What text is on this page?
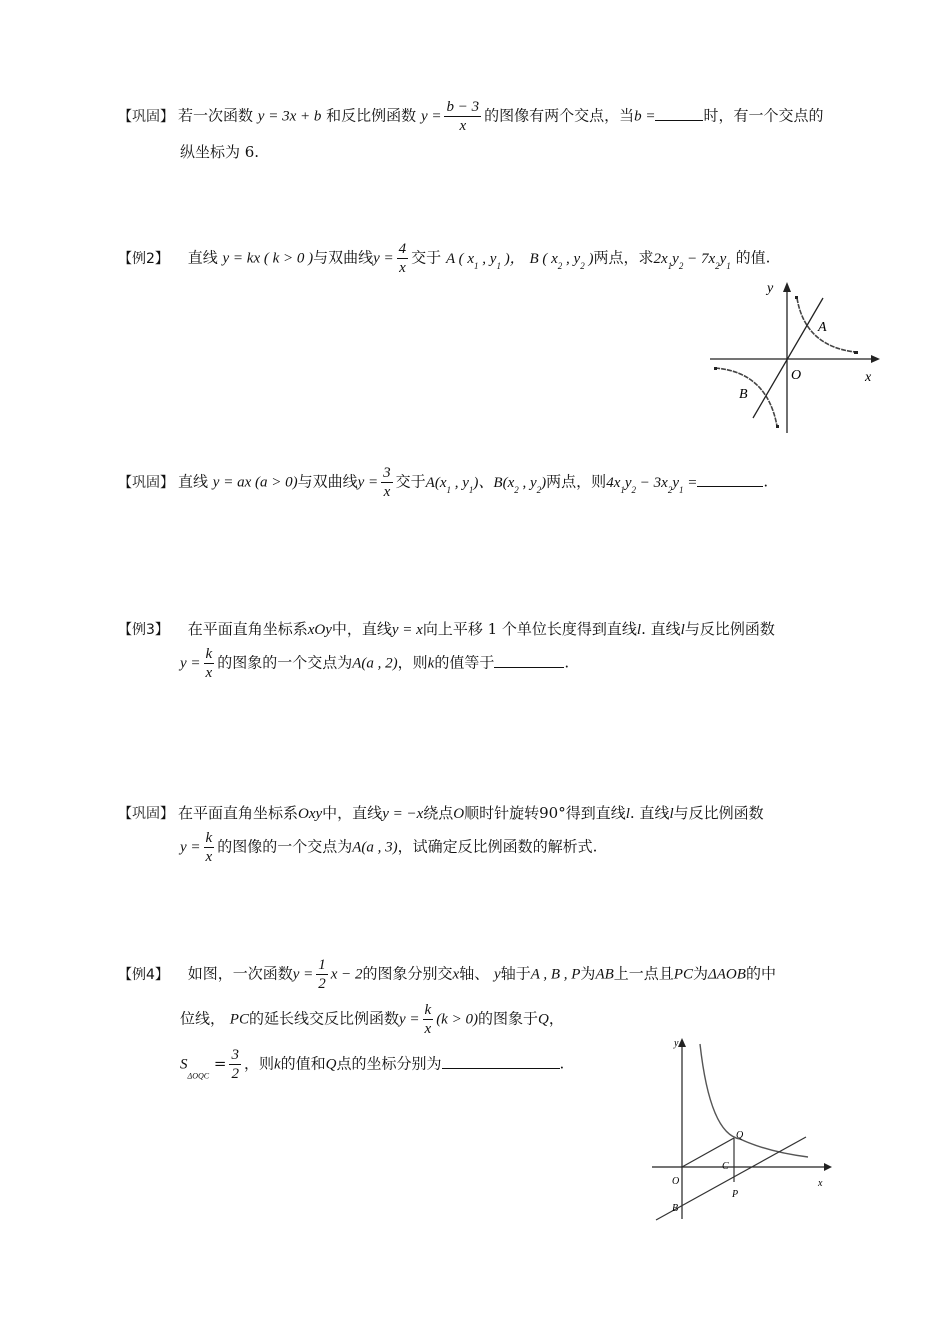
【巩固】 若一次函数 y = 3x + b 和反比例函数 $y = \frac{b - 3}{x}$ 的图像有两个交点，当b =	时，有一个交点的
纵坐标为 6.
【例2】 直线 y = kx ( k > 0 )与双曲线$y = \frac{4}{x}$ 交于 A ( $x_1$ , $y_1$ )， B ( $x_2$ , $y_2$ )两点，求$2x_1y_2 - 7x_2y_1$ 的值.
y
x
O
A
B
【巩固】 直线 y = ax (a > 0)与双曲线$y = \frac{3}{x}$ 交于$A(x_1$ , $y_1$)、$B(x_2$ , $y_2$)两点，则$4x_1y_2 - 3x_2y_1$ =	.
【例3】 在平面直角坐标系xOy中，直线y = x向上平移 1 个单位长度得到直线l. 直线l与反比例函数
$y = \frac{k}{x}$ 的图象的一个交点为A(a , 2)，则k的值等于	.
【巩固】 在平面直角坐标系Oxy中，直线y = −x绕点O顺时针旋转90°得到直线l. 直线l与反比例函数
$y = \frac{k}{x}$ 的图像的一个交点为A(a , 3)，试确定反比例函数的解析式.
【例4】 如图，一次函数$y = \frac{1}{2}$ x − 2的图象分别交x轴、 y轴于A , B , P为AB上一点且PC为ΔAOB的中
位线， PC的延长线交反比例函数$y = \frac{k}{x} (k > 0)$的图象于Q，
$S_{\Delta OQC} = \frac{3}{2}$ ，则k的值和Q点的坐标分别为	.
y
x
O
Q
C
P
B
